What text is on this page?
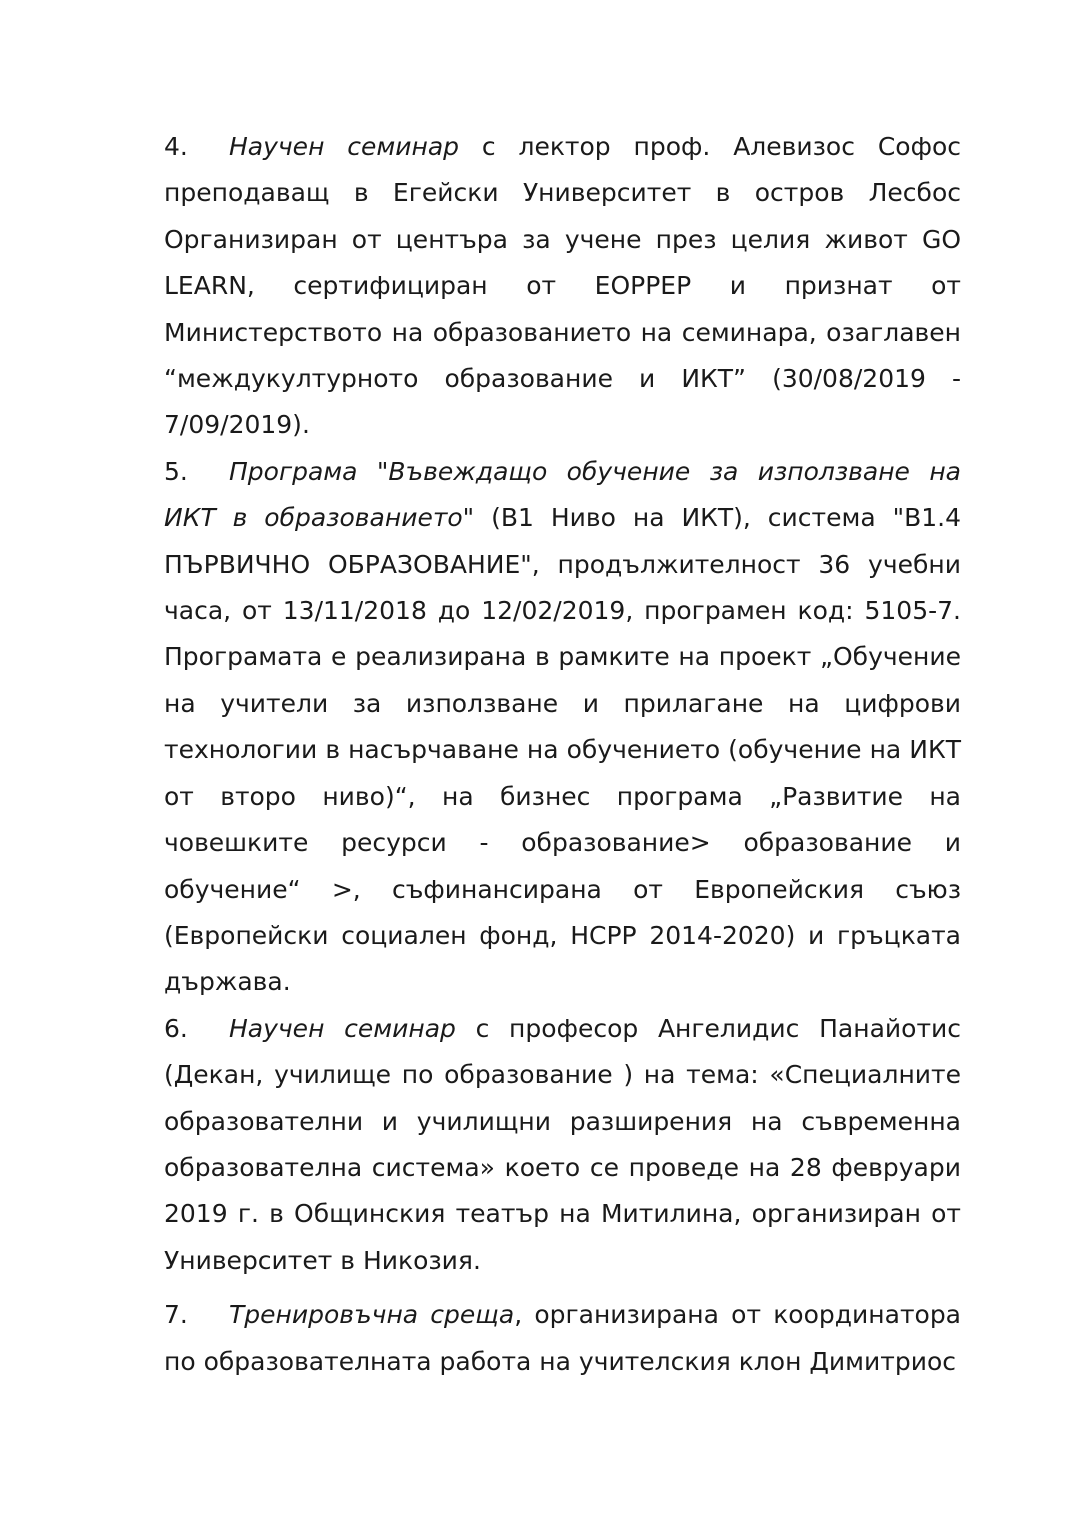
4. Научен семинар с лектор проф. Алевизос Софос преподаващ в Егейски Университет в остров Лесбос Организиран от центъра за учене през целия живот GO LEARN, сертифициран от EOPPEP и признат от Министерството на образованието на семинара, озаглавен “междукултурното образование и ИКТ” (30/08/2019 - 7/09/2019).

5. Програма "Въвеждащо обучение за използване на ИКТ в образованието" (B1 Ниво на ИКТ), система "B1.4 ПЪРВИЧНО ОБРАЗОВАНИЕ", продължителност 36 учебни часа, от 13/11/2018 до 12/02/2019, програмен код: 5105-7. Програмата е реализирана в рамките на проект „Обучение на учители за използване и прилагане на цифрови технологии в насърчаване на обучението (обучение на ИКТ от второ ниво)“, на бизнес програма „Развитие на човешките ресурси - образование> образование и обучение“ >, съфинансирана от Европейския съюз (Европейски социален фонд, НСРР 2014-2020) и гръцката държава.

6. Научен семинар с професор Ангелидис Панайотис (Декан, училище по образование ) на тема: «Специалните образователни и училищни разширения на съвременна образователна система» което се проведе на 28 февруари 2019 г. в Общинския театър на Митилина, организиран от Университет в Никозия.

7. Тренировъчна среща, организирана от координатора по образователната работа на учителския клон Димитриос
